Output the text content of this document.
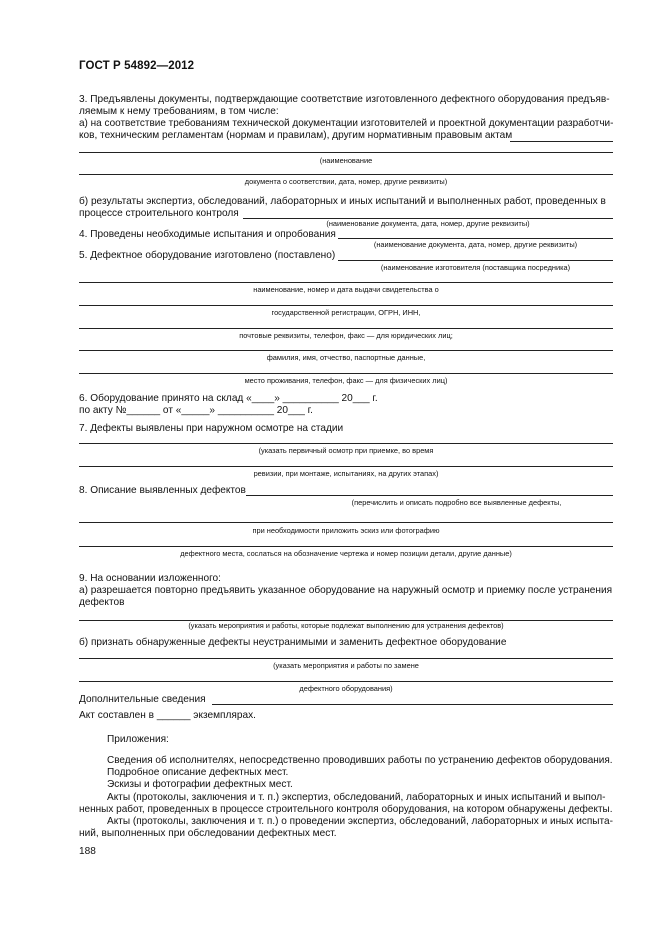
ГОСТ Р 54892—2012
3. Предъявлены документы, подтверждающие соответствие изготовленного дефектного оборудования предъяв-
ляемым к нему требованиям, в том числе:
а) на соответствие требованиям технической документации изготовителей и проектной документации разработчи-
ков, техническим регламентам (нормам и правилам), другим нормативным правовым актам
(наименование
документа о соответствии, дата, номер, другие реквизиты)
б) результаты экспертиз, обследований, лабораторных и иных испытаний и выполненных работ, проведенных в
процессе строительного контроля
(наименование документа, дата, номер, другие реквизиты)
4. Проведены необходимые испытания и опробования
(наименование документа, дата, номер, другие реквизиты)
5. Дефектное оборудование изготовлено (поставлено)
(наименование изготовителя (поставщика посредника)
наименование, номер и дата выдачи свидетельства о
государственной регистрации, ОГРН, ИНН,
почтовые реквизиты, телефон, факс — для юридических лиц;
фамилия, имя, отчество, паспортные данные,
место проживания, телефон, факс — для физических лиц)
6. Оборудование принято на склад «____» __________ 20___ г.
по акту №______ от «_____» __________ 20___ г.
7. Дефекты выявлены при наружном осмотре на стадии
(указать первичный осмотр при приемке, во время
ревизии, при монтаже, испытаниях, на других этапах)
8. Описание выявленных дефектов
(перечислить и описать подробно все выявленные дефекты,
при необходимости приложить эскиз или фотографию
дефектного места, сослаться на обозначение чертежа и номер позиции детали, другие данные)
9. На основании изложенного:
а) разрешается повторно предъявить указанное оборудование на наружный осмотр и приемку после устранения
дефектов
(указать мероприятия и работы, которые подлежат выполнению для устранения дефектов)
б) признать обнаруженные дефекты неустранимыми и заменить дефектное оборудование
(указать мероприятия и работы по замене
дефектного оборудования)
Дополнительные сведения
Акт составлен в ______ экземплярах.
Приложения:
Сведения об исполнителях, непосредственно проводивших работы по устранению дефектов оборудования.
Подробное описание дефектных мест.
Эскизы и фотографии дефектных мест.
Акты (протоколы, заключения и т. п.) экспертиз, обследований, лабораторных и иных испытаний и выпол-
ненных работ, проведенных в процессе строительного контроля оборудования, на котором обнаружены дефекты.
Акты (протоколы, заключения и т. п.) о проведении экспертиз, обследований, лабораторных и иных испыта-
ний, выполненных при обследовании дефектных мест.
188
